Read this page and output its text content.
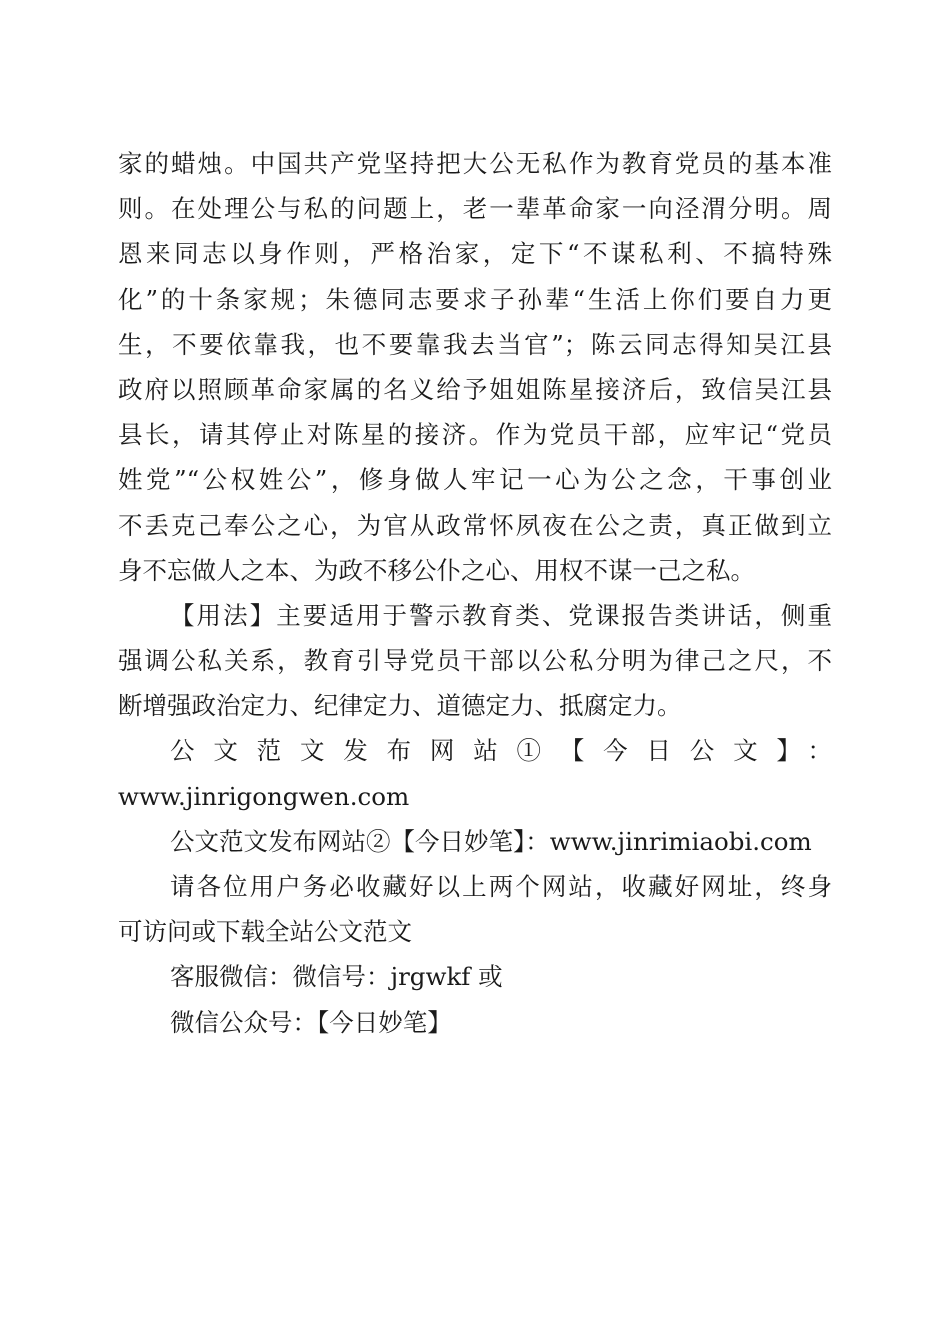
家的蜡烛。中国共产党坚持把大公无私作为教育党员的基本准
则。在处理公与私的问题上，老一辈革命家一向泾渭分明。周
恩来同志以身作则，严格治家，定下“不谋私利、不搞特殊
化”的十条家规；朱德同志要求子孙辈“生活上你们要自力更
生，不要依靠我，也不要靠我去当官”；陈云同志得知吴江县
政府以照顾革命家属的名义给予姐姐陈星接济后，致信吴江县
县长，请其停止对陈星的接济。作为党员干部，应牢记“党员
姓党”“公权姓公”，修身做人牢记一心为公之念，干事创业
不丢克己奉公之心，为官从政常怀夙夜在公之责，真正做到立
身不忘做人之本、为政不移公仆之心、用权不谋一己之私。
【用法】主要适用于警示教育类、党课报告类讲话，侧重
强调公私关系，教育引导党员干部以公私分明为律己之尺，不
断增强政治定力、纪律定力、道德定力、抵腐定力。
公文范文发布网站①【今日公文】：
www.jinrigongwen.com
公文范文发布网站②【今日妙笔】：www.jinrimiaobi.com
请各位用户务必收藏好以上两个网站，收藏好网址，终身
可访问或下载全站公文范文
客服微信：微信号：jrgwkf 或
微信公众号：【今日妙笔】
